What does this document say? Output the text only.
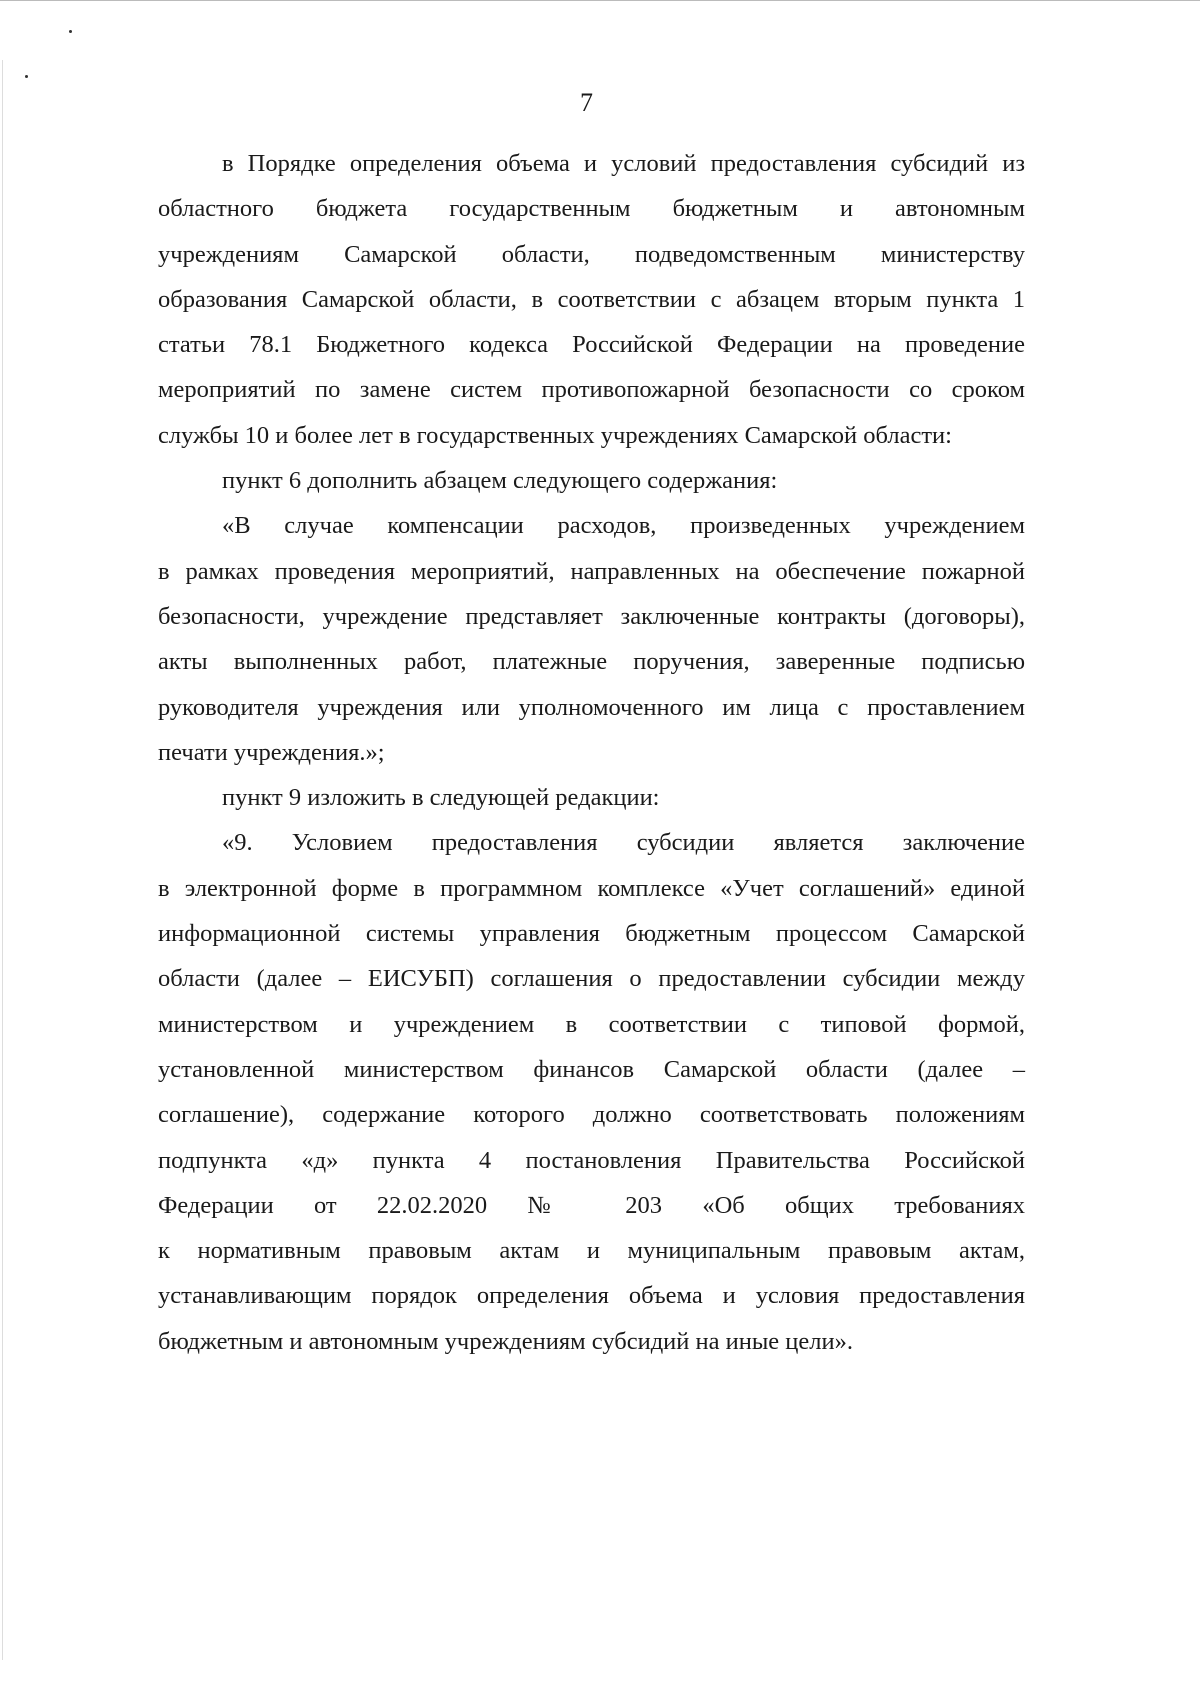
7
в Порядке определения объема и условий предоставления субсидий из
областного бюджета государственным бюджетным и автономным
учреждениям Самарской области, подведомственным министерству
образования Самарской области, в соответствии с абзацем вторым пункта 1
статьи 78.1 Бюджетного кодекса Российской Федерации на проведение
мероприятий по замене систем противопожарной безопасности со сроком
службы 10 и более лет в государственных учреждениях Самарской области:
пункт 6 дополнить абзацем следующего содержания:
«В случае компенсации расходов, произведенных учреждением
в рамках проведения мероприятий, направленных на обеспечение пожарной
безопасности, учреждение представляет заключенные контракты (договоры),
акты выполненных работ, платежные поручения, заверенные подписью
руководителя учреждения или уполномоченного им лица с проставлением
печати учреждения.»;
пункт 9 изложить в следующей редакции:
«9. Условием предоставления субсидии является заключение
в электронной форме в программном комплексе «Учет соглашений» единой
информационной системы управления бюджетным процессом Самарской
области (далее – ЕИСУБП) соглашения о предоставлении субсидии между
министерством и учреждением в соответствии с типовой формой,
установленной министерством финансов Самарской области (далее –
соглашение), содержание которого должно соответствовать положениям
подпункта «д» пункта 4 постановления Правительства Российской
Федерации от 22.02.2020 № 203 «Об общих требованиях
к нормативным правовым актам и муниципальным правовым актам,
устанавливающим порядок определения объема и условия предоставления
бюджетным и автономным учреждениям субсидий на иные цели».
